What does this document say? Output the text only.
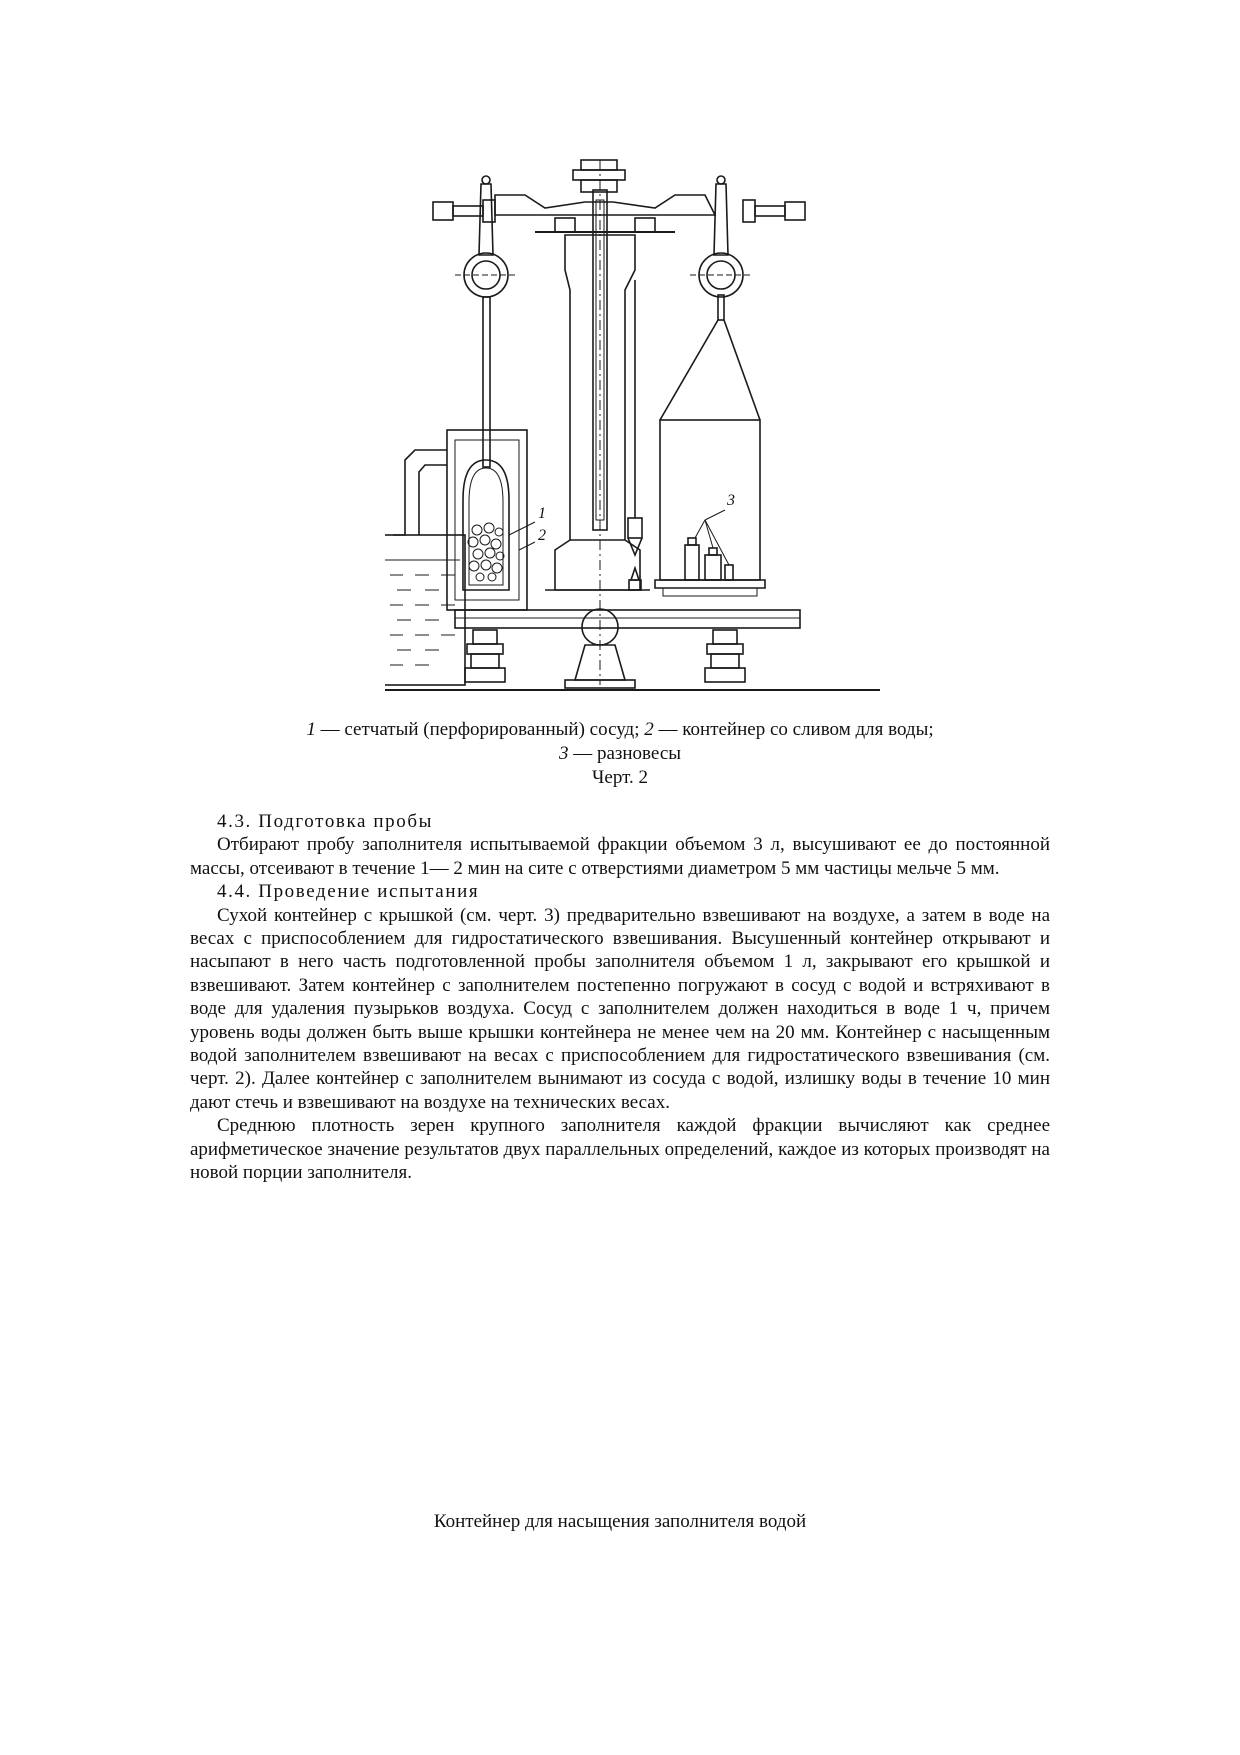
1
2
3
1 — сетчатый (перфорированный) сосуд; 2 — контейнер со сливом для воды;
3 — разновесы
Черт. 2

4.3. Подготовка пробы

Отбирают пробу заполнителя испытываемой фракции объемом 3 л, высушивают ее до постоянной массы, отсеивают в течение 1— 2 мин на сите с отверстиями диаметром 5 мм частицы мельче 5 мм.

4.4. Проведение испытания

Сухой контейнер с крышкой (см. черт. 3) предварительно взвешивают на воздухе, а затем в воде на весах с приспособлением для гидростатического взвешивания. Высушенный контейнер открывают и насыпают в него часть подготовленной пробы заполнителя объемом 1 л, закрывают его крышкой и взвешивают. Затем контейнер с заполнителем постепенно погружают в сосуд с водой и встряхивают в воде для удаления пузырьков воздуха. Сосуд с заполнителем должен находиться в воде 1 ч, причем уровень воды должен быть выше крышки контейнера не менее чем на 20 мм. Контейнер с насыщенным водой заполнителем взвешивают на весах с приспособлением для гидростатического взвешивания (см. черт. 2). Далее контейнер с заполнителем вынимают из сосуда с водой, излишку воды в течение 10 мин дают стечь и взвешивают на воздухе на технических весах.

Среднюю плотность зерен крупного заполнителя каждой фракции вычисляют как среднее арифметическое значение результатов двух параллельных определений, каждое из которых производят на новой порции заполнителя.

Контейнер для насыщения заполнителя водой
